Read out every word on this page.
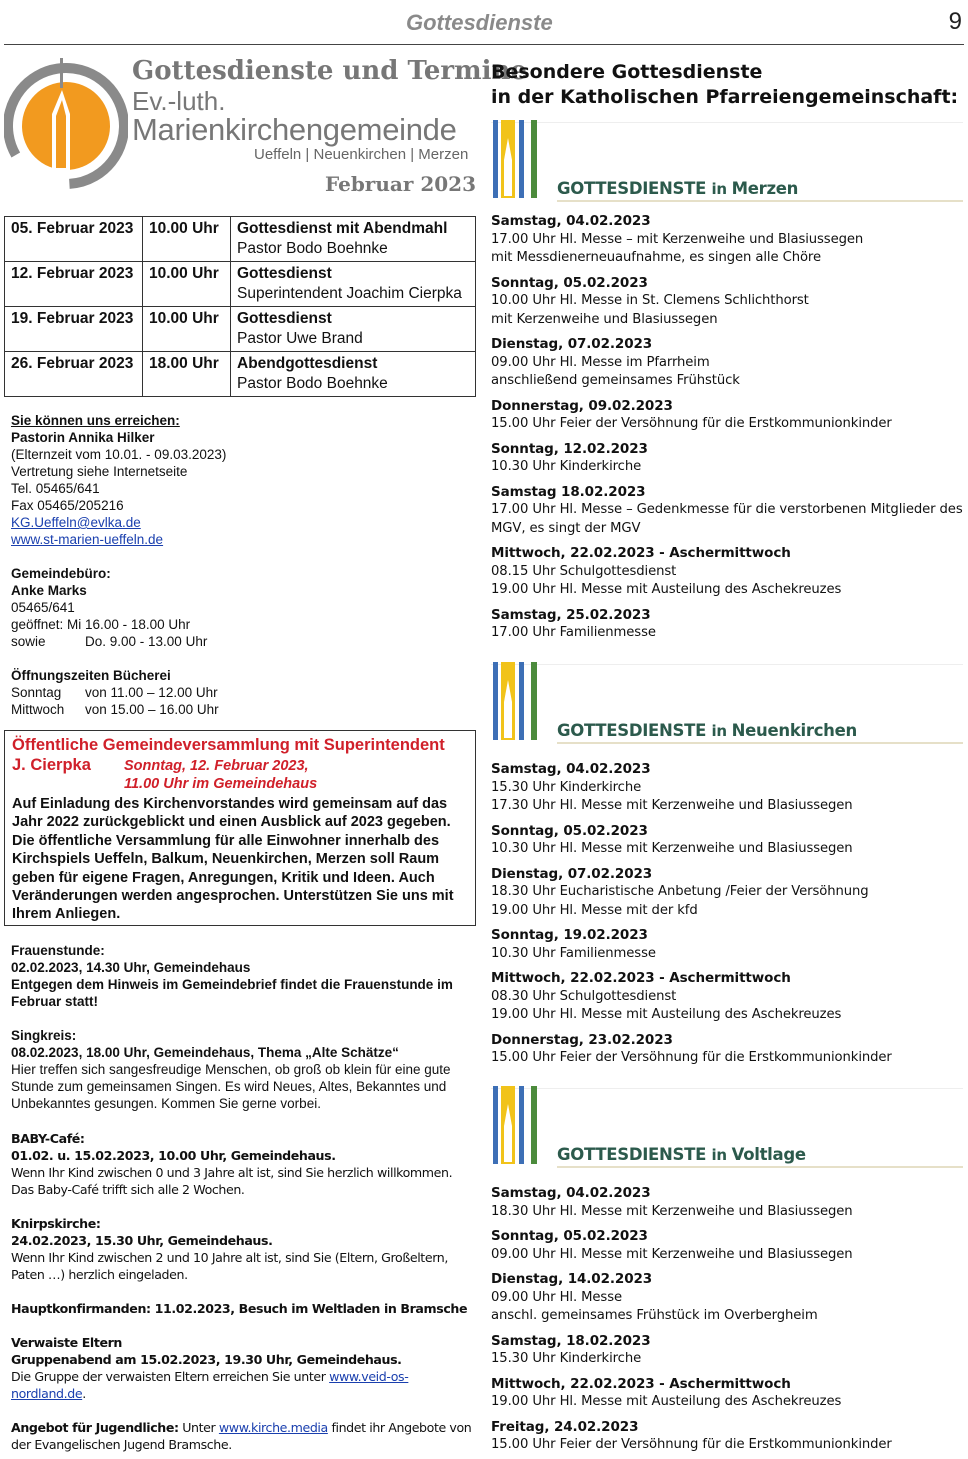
Gottesdienste	9
Gottesdienste und Termine
Ev.-luth.
Marienkirchengemeinde
Ueffeln | Neuenkirchen | Merzen
Februar 2023
05. Februar 2023	10.00 Uhr	Gottesdienst mit Abendmahl
Pastor Bodo Boehnke

12. Februar 2023	10.00 Uhr	Gottesdienst
Superintendent Joachim Cierpka

19. Februar 2023	10.00 Uhr	Gottesdienst
Pastor Uwe Brand

26. Februar 2023	18.00 Uhr	Abendgottesdienst
Pastor Bodo Boehnke
Sie können uns erreichen:
Pastorin Annika Hilker
(Elternzeit vom 10.01. - 09.03.2023)
Vertretung siehe Internetseite
Tel. 05465/641
Fax 05465/205216
KG.Ueffeln@evlka.de
www.st-marien-ueffeln.de
Gemeindebüro:
Anke Marks
05465/641
geöffnet: Mi 16.00 - 18.00 Uhr
sowie	Do. 9.00 - 13.00 Uhr
Öffnungszeiten Bücherei
Sonntag	von 11.00 – 12.00 Uhr
Mittwoch	von 15.00 – 16.00 Uhr
Öffentliche Gemeindeversammlung mit Superintendent
J. Cierpka Sonntag, 12. Februar 2023,
11.00 Uhr im Gemeindehaus
Auf Einladung des Kirchenvorstandes wird gemeinsam auf das Jahr 2022 zurückgeblickt und einen Ausblick auf 2023 gegeben. Die öffentliche Versammlung für alle Einwohner innerhalb des Kirchspiels Ueffeln, Balkum, Neuenkirchen, Merzen soll Raum geben für eigene Fragen, Anregungen, Kritik und Ideen. Auch Veränderungen werden angesprochen. Unterstützen Sie uns mit Ihrem Anliegen.
Frauenstunde:
02.02.2023, 14.30 Uhr, Gemeindehaus
Entgegen dem Hinweis im Gemeindebrief findet die Frauenstunde im Februar statt!
Singkreis:
08.02.2023, 18.00 Uhr, Gemeindehaus, Thema „Alte Schätze“
Hier treffen sich sangesfreudige Menschen, ob groß ob klein für eine gute Stunde zum gemeinsamen Singen. Es wird Neues, Altes, Bekanntes und Unbekanntes gesungen. Kommen Sie gerne vorbei.
BABY-Café:
01.02. u. 15.02.2023, 10.00 Uhr, Gemeindehaus.
Wenn Ihr Kind zwischen 0 und 3 Jahre alt ist, sind Sie herzlich willkommen.
Das Baby-Café trifft sich alle 2 Wochen.
Knirpskirche:
24.02.2023, 15.30 Uhr, Gemeindehaus.
Wenn Ihr Kind zwischen 2 und 10 Jahre alt ist, sind Sie (Eltern, Großeltern, Paten …) herzlich eingeladen.
Hauptkonfirmanden: 11.02.2023, Besuch im Weltladen in Bramsche
Verwaiste Eltern
Gruppenabend am 15.02.2023, 19.30 Uhr, Gemeindehaus.
Die Gruppe der verwaisten Eltern erreichen Sie unter www.veid-os-nordland.de.
Angebot für Jugendliche: Unter www.kirche.media findet ihr Angebote von der Evangelischen Jugend Bramsche.
Besondere Gottesdienste
in der Katholischen Pfarreiengemeinschaft:
GOTTESDIENSTE in Merzen
Samstag, 04.02.2023
17.00 Uhr Hl. Messe – mit Kerzenweihe und Blasiussegen
mit Messdienerneuaufnahme, es singen alle Chöre
Sonntag, 05.02.2023
10.00 Uhr Hl. Messe in St. Clemens Schlichthorst
mit Kerzenweihe und Blasiussegen
Dienstag, 07.02.2023
09.00 Uhr Hl. Messe im Pfarrheim
anschließend gemeinsames Frühstück
Donnerstag, 09.02.2023
15.00 Uhr Feier der Versöhnung für die Erstkommunionkinder
Sonntag, 12.02.2023
10.30 Uhr Kinderkirche
Samstag 18.02.2023
17.00 Uhr Hl. Messe – Gedenkmesse für die verstorbenen Mitglieder des
MGV, es singt der MGV
Mittwoch, 22.02.2023 - Aschermittwoch
08.15 Uhr Schulgottesdienst
19.00 Uhr Hl. Messe mit Austeilung des Aschekreuzes
Samstag, 25.02.2023
17.00 Uhr Familienmesse
GOTTESDIENSTE in Neuenkirchen
Samstag, 04.02.2023
15.30 Uhr Kinderkirche
17.30 Uhr Hl. Messe mit Kerzenweihe und Blasiussegen
Sonntag, 05.02.2023
10.30 Uhr Hl. Messe mit Kerzenweihe und Blasiussegen
Dienstag, 07.02.2023
18.30 Uhr Eucharistische Anbetung /Feier der Versöhnung
19.00 Uhr Hl. Messe mit der kfd
Sonntag, 19.02.2023
10.30 Uhr Familienmesse
Mittwoch, 22.02.2023 - Aschermittwoch
08.30 Uhr Schulgottesdienst
19.00 Uhr Hl. Messe mit Austeilung des Aschekreuzes
Donnerstag, 23.02.2023
15.00 Uhr Feier der Versöhnung für die Erstkommunionkinder
GOTTESDIENSTE in Voltlage
Samstag, 04.02.2023
18.30 Uhr Hl. Messe mit Kerzenweihe und Blasiussegen
Sonntag, 05.02.2023
09.00 Uhr Hl. Messe mit Kerzenweihe und Blasiussegen
Dienstag, 14.02.2023
09.00 Uhr Hl. Messe
anschl. gemeinsames Frühstück im Overbergheim
Samstag, 18.02.2023
15.30 Uhr Kinderkirche
Mittwoch, 22.02.2023 - Aschermittwoch
19.00 Uhr Hl. Messe mit Austeilung des Aschekreuzes
Freitag, 24.02.2023
15.00 Uhr Feier der Versöhnung für die Erstkommunionkinder
